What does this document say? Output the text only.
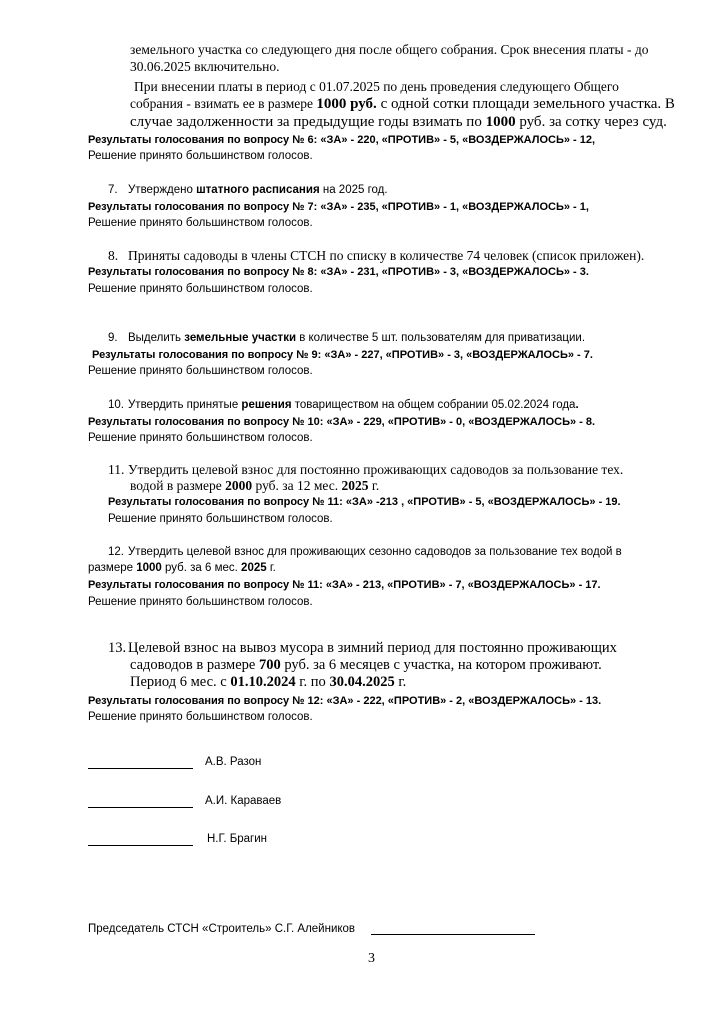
земельного участка со следующего дня после общего собрания. Срок внесения платы - до
30.06.2025 включительно.
При внесении платы в период с 01.07.2025 по день проведения следующего Общего
собрания - взимать ее в размере 1000 руб. с одной сотки площади земельного участка. В
случае задолженности за предыдущие годы взимать по 1000 руб. за сотку через суд.
Результаты голосования по вопросу № 6: «ЗА» - 220, «ПРОТИВ» - 5, «ВОЗДЕРЖАЛОСЬ» - 12,
Решение принято большинством голосов.
7. Утверждено штатного расписания на 2025 год.
Результаты голосования по вопросу № 7: «ЗА» - 235, «ПРОТИВ» - 1, «ВОЗДЕРЖАЛОСЬ» - 1,
Решение принято большинством голосов.
8. Приняты садоводы в члены СТСН по списку в количестве 74 человек (список приложен).
Результаты голосования по вопросу № 8: «ЗА» - 231, «ПРОТИВ» - 3, «ВОЗДЕРЖАЛОСЬ» - 3.
Решение принято большинством голосов.
9. Выделить земельные участки в количестве 5 шт. пользователям для приватизации.
Результаты голосования по вопросу № 9: «ЗА» - 227, «ПРОТИВ» - 3, «ВОЗДЕРЖАЛОСЬ» - 7.
Решение принято большинством голосов.
10. Утвердить принятые решения товариществом на общем собрании 05.02.2024 года.
Результаты голосования по вопросу № 10: «ЗА» - 229, «ПРОТИВ» - 0, «ВОЗДЕРЖАЛОСЬ» - 8.
Решение принято большинством голосов.
11. Утвердить целевой взнос для постоянно проживающих садоводов за пользование тех.
водой в размере 2000 руб. за 12 мес. 2025 г.
Результаты голосования по вопросу № 11: «ЗА» -213 , «ПРОТИВ» - 5, «ВОЗДЕРЖАЛОСЬ» - 19.
Решение принято большинством голосов.
12. Утвердить целевой взнос для проживающих сезонно садоводов за пользование тех водой в
размере 1000 руб. за 6 мес. 2025 г.
Результаты голосования по вопросу № 11: «ЗА» - 213, «ПРОТИВ» - 7, «ВОЗДЕРЖАЛОСЬ» - 17.
Решение принято большинством голосов.
13. Целевой взнос на вывоз мусора в зимний период для постоянно проживающих
садоводов в размере 700 руб. за 6 месяцев с участка, на котором проживают.
Период 6 мес. с 01.10.2024 г. по 30.04.2025 г.
Результаты голосования по вопросу № 12: «ЗА» - 222, «ПРОТИВ» - 2, «ВОЗДЕРЖАЛОСЬ» - 13.
Решение принято большинством голосов.
А.В. Разон
А.И. Караваев
Н.Г. Брагин
Председатель СТСН «Строитель» С.Г. Алейников
3
